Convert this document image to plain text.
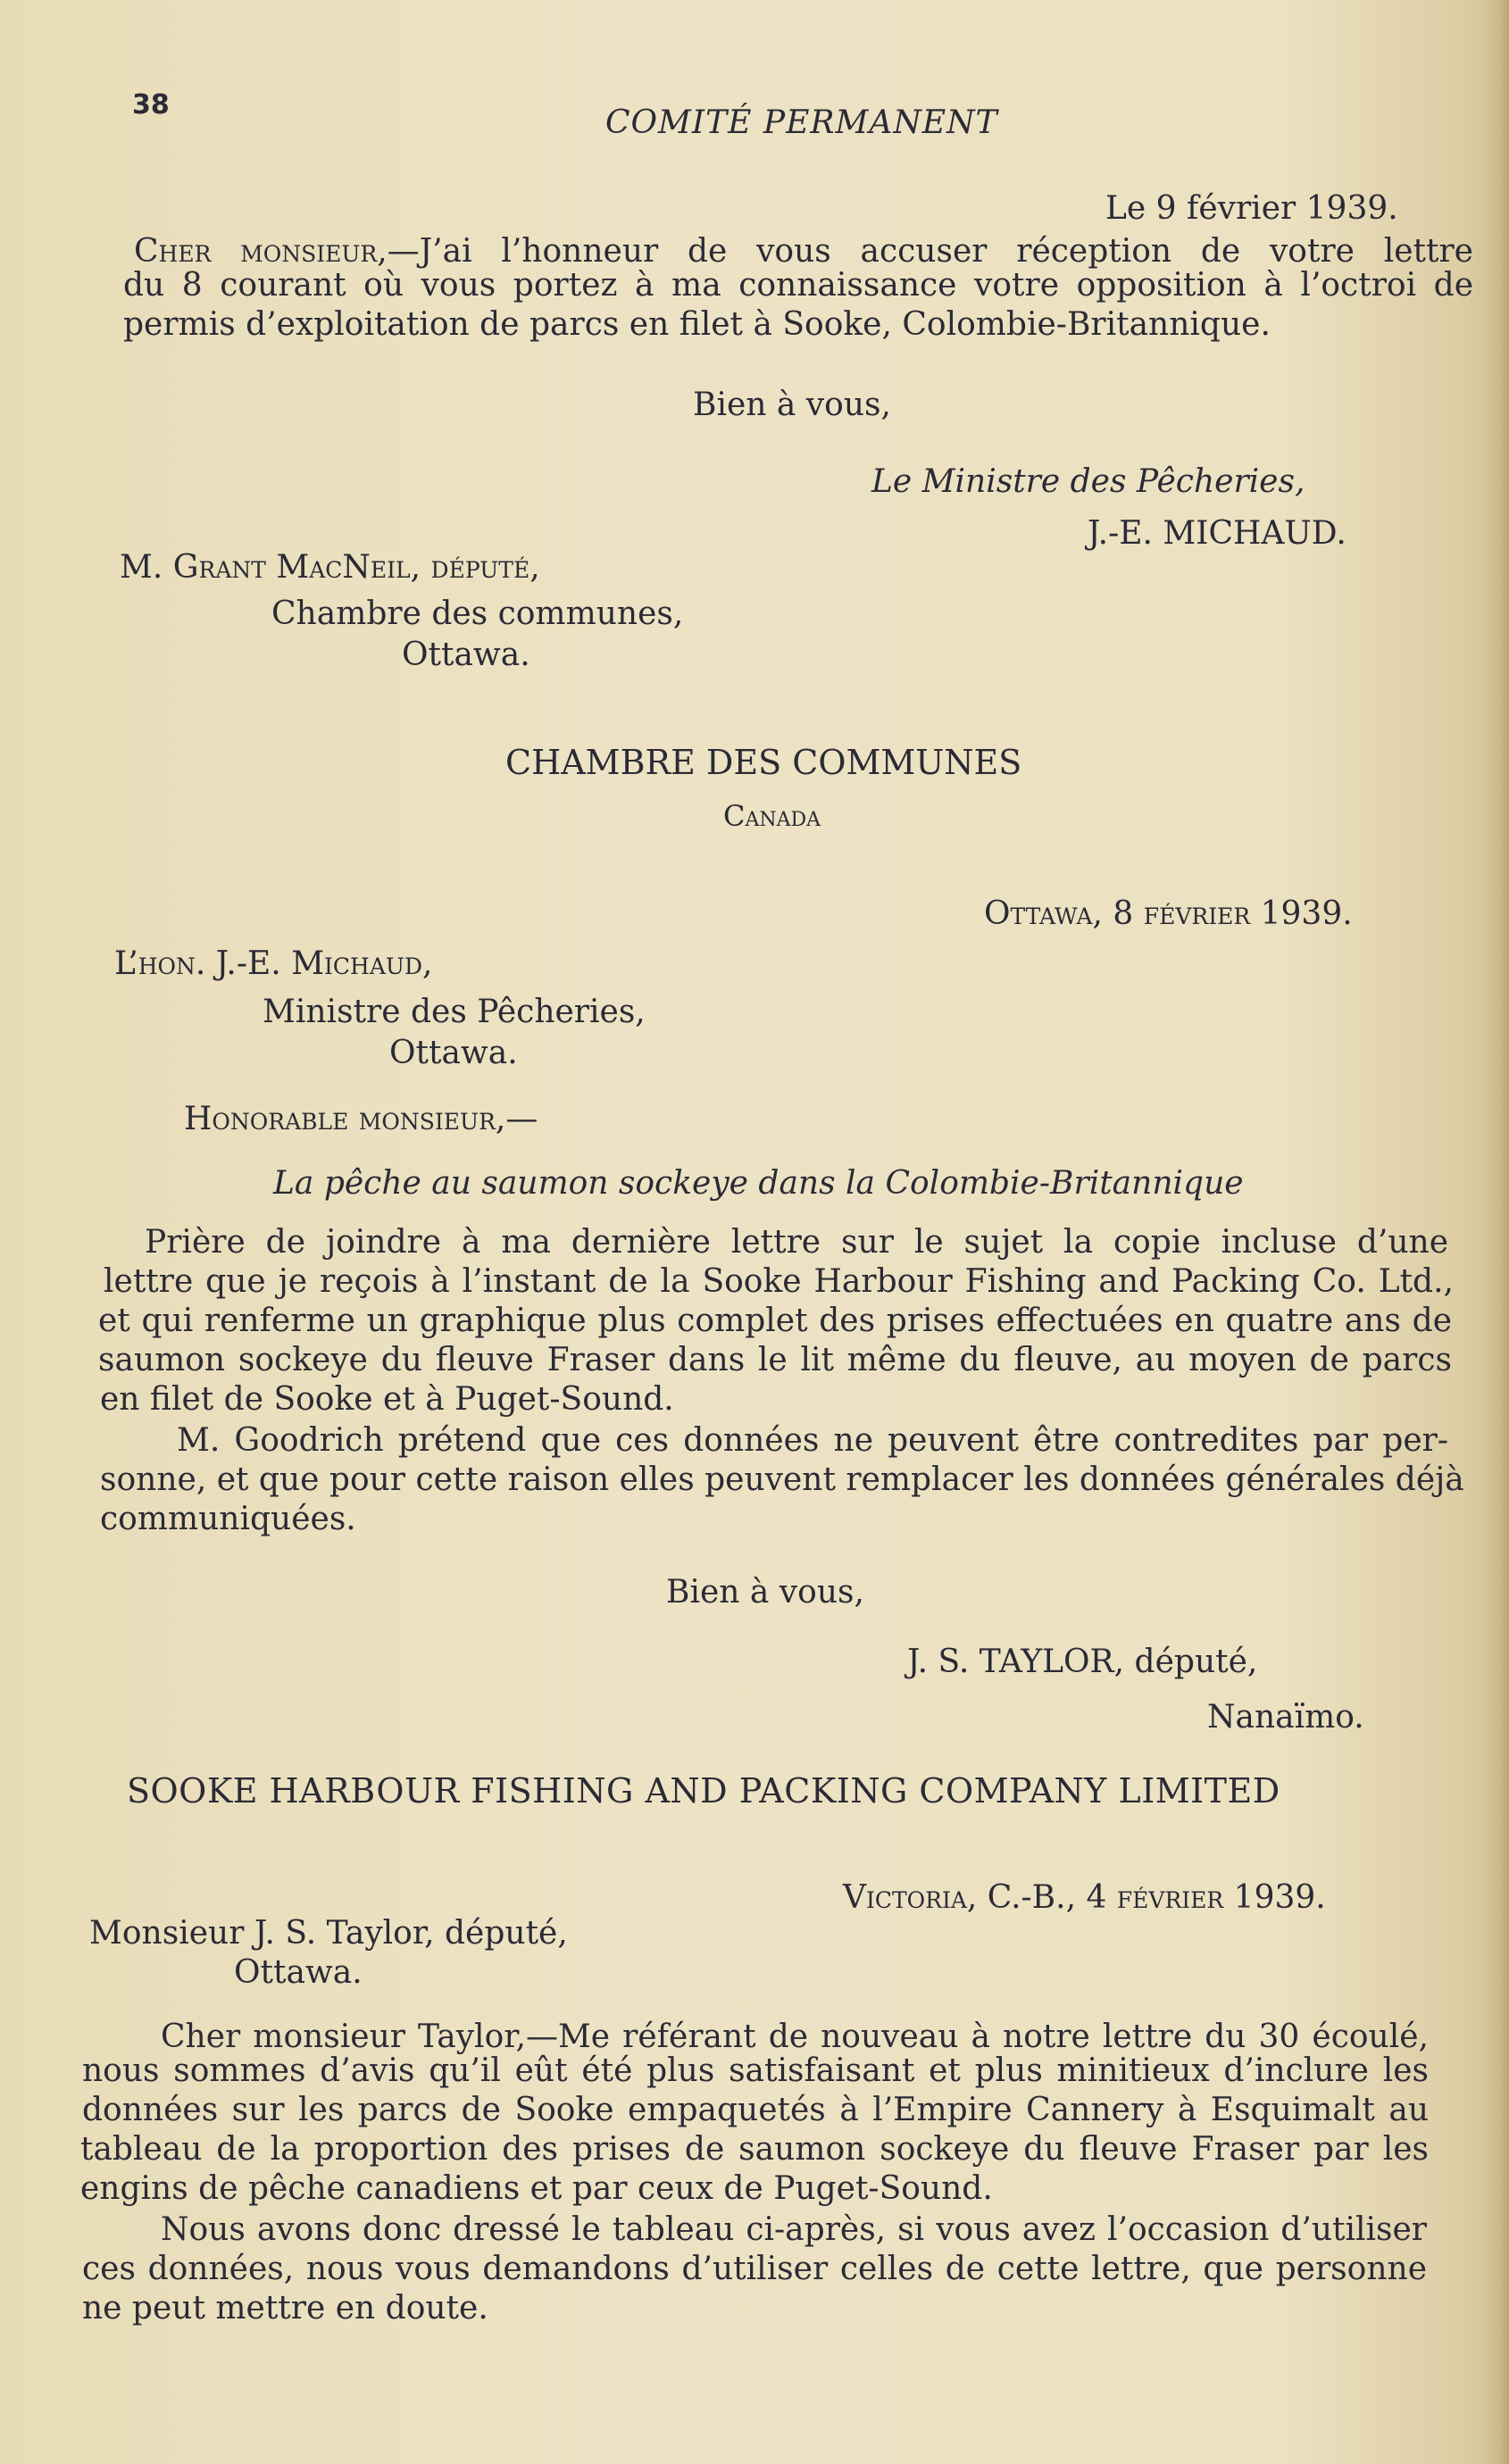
38	COMITÉ PERMANENT
Le 9 février 1939.
Cher monsieur,—J’ai l’honneur de vous accuser réception de votre lettre
du 8 courant où vous portez à ma connaissance votre opposition à l’octroi de
permis d’exploitation de parcs en filet à Sooke, Colombie-Britannique.
Bien à vous,
Le Ministre des Pêcheries,
J.-E. MICHAUD.
M. Grant MacNeil, député,
Chambre des communes,
Ottawa.
CHAMBRE DES COMMUNES
Canada
Ottawa, 8 février 1939.
L’hon. J.-E. Michaud,
Ministre des Pêcheries,
Ottawa.
Honorable monsieur,—
La pêche au saumon sockeye dans la Colombie-Britannique
Prière de joindre à ma dernière lettre sur le sujet la copie incluse d’une
lettre que je reçois à l’instant de la Sooke Harbour Fishing and Packing Co. Ltd.,
et qui renferme un graphique plus complet des prises effectuées en quatre ans de
saumon sockeye du fleuve Fraser dans le lit même du fleuve, au moyen de parcs
en filet de Sooke et à Puget-Sound.
M. Goodrich prétend que ces données ne peuvent être contredites par per-
sonne, et que pour cette raison elles peuvent remplacer les données générales déjà
communiquées.
Bien à vous,
J. S. TAYLOR, député,
Nanaïmo.
SOOKE HARBOUR FISHING AND PACKING COMPANY LIMITED
Victoria, C.-B., 4 février 1939.
Monsieur J. S. Taylor, député,
Ottawa.
Cher monsieur Taylor,—Me référant de nouveau à notre lettre du 30 écoulé,
nous sommes d’avis qu’il eût été plus satisfaisant et plus minitieux d’inclure les
données sur les parcs de Sooke empaquetés à l’Empire Cannery à Esquimalt au
tableau de la proportion des prises de saumon sockeye du fleuve Fraser par les
engins de pêche canadiens et par ceux de Puget-Sound.
Nous avons donc dressé le tableau ci-après, si vous avez l’occasion d’utiliser
ces données, nous vous demandons d’utiliser celles de cette lettre, que personne
ne peut mettre en doute.
